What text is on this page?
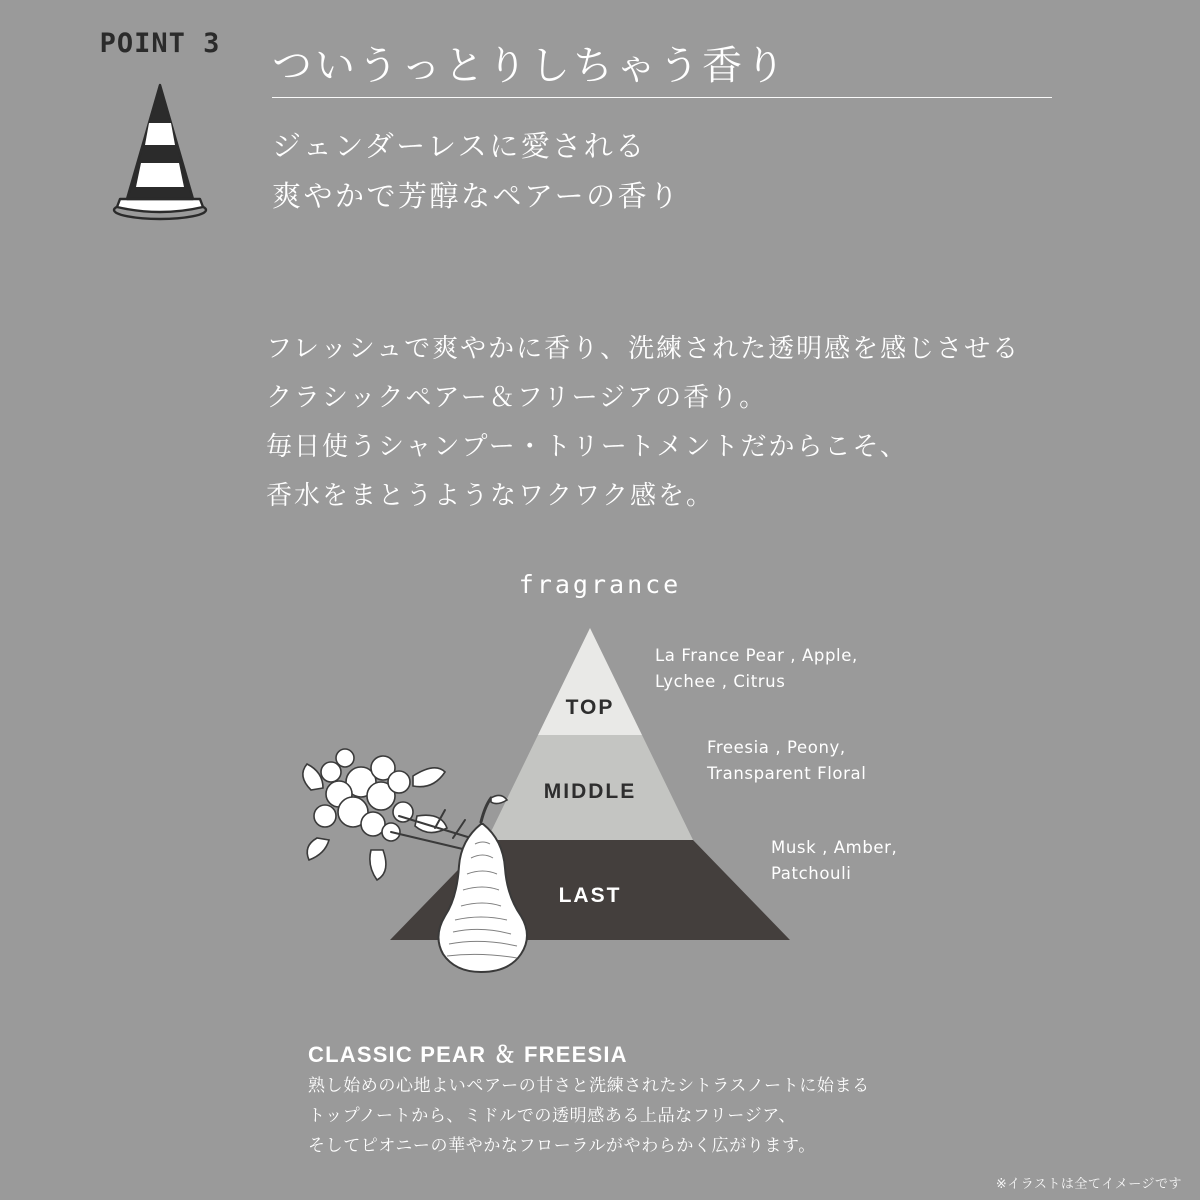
POINT 3	ついうっとりしちゃう香り
ジェンダーレスに愛される
爽やかで芳醇なペアーの香り
フレッシュで爽やかに香り、洗練された透明感を感じさせる
クラシックペアー＆フリージアの香り。
毎日使うシャンプー・トリートメントだからこそ、
香水をまとうようなワクワク感を。
fragrance
TOP
MIDDLE
LAST
La France Pear , Apple,
Lychee , Citrus
Freesia , Peony,
Transparent Floral
Musk , Amber,
Patchouli
CLASSIC PEAR ＆ FREESIA
熟し始めの心地よいペアーの甘さと洗練されたシトラスノートに始まる
トップノートから、ミドルでの透明感ある上品なフリージア、
そしてピオニーの華やかなフローラルがやわらかく広がります。
※イラストは全てイメージです
